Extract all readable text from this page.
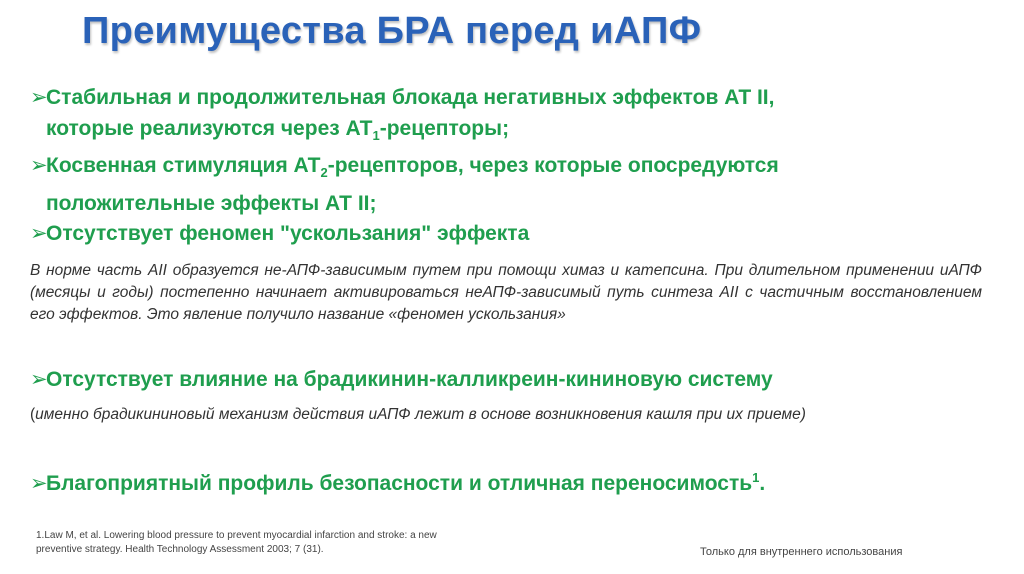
Преимущества БРА перед иАПФ
➢Стабильная и продолжительная блокада негативных эффектов АТ II,
которые реализуются через $АТ_1$-рецепторы;
➢Косвенная стимуляция $АТ_2$-рецепторов, через которые опосредуются
положительные эффекты АТ II;
➢Отсутствует феномен "ускользания" эффекта
В норме часть АII образуется не-АПФ-зависимым путем при помощи химаз и катепсина. При длительном применении иАПФ (месяцы и годы) постепенно начинает активироваться неАПФ-зависимый путь синтеза АII с частичным восстановлением его эффектов. Это явление получило название «феномен ускользания»
➢Отсутствует влияние на брадикинин-калликреин-кининовую систему
(именно брадикининовый механизм действия иАПФ лежит в основе возникновения кашля при их приеме)
➢Благоприятный профиль безопасности и отличная переносимость$^1$.
1.Law M, et al. Lowering blood pressure to prevent myocardial infarction and stroke: a new preventive strategy. Health Technology Assessment 2003; 7 (31).	Только для внутреннего использования
